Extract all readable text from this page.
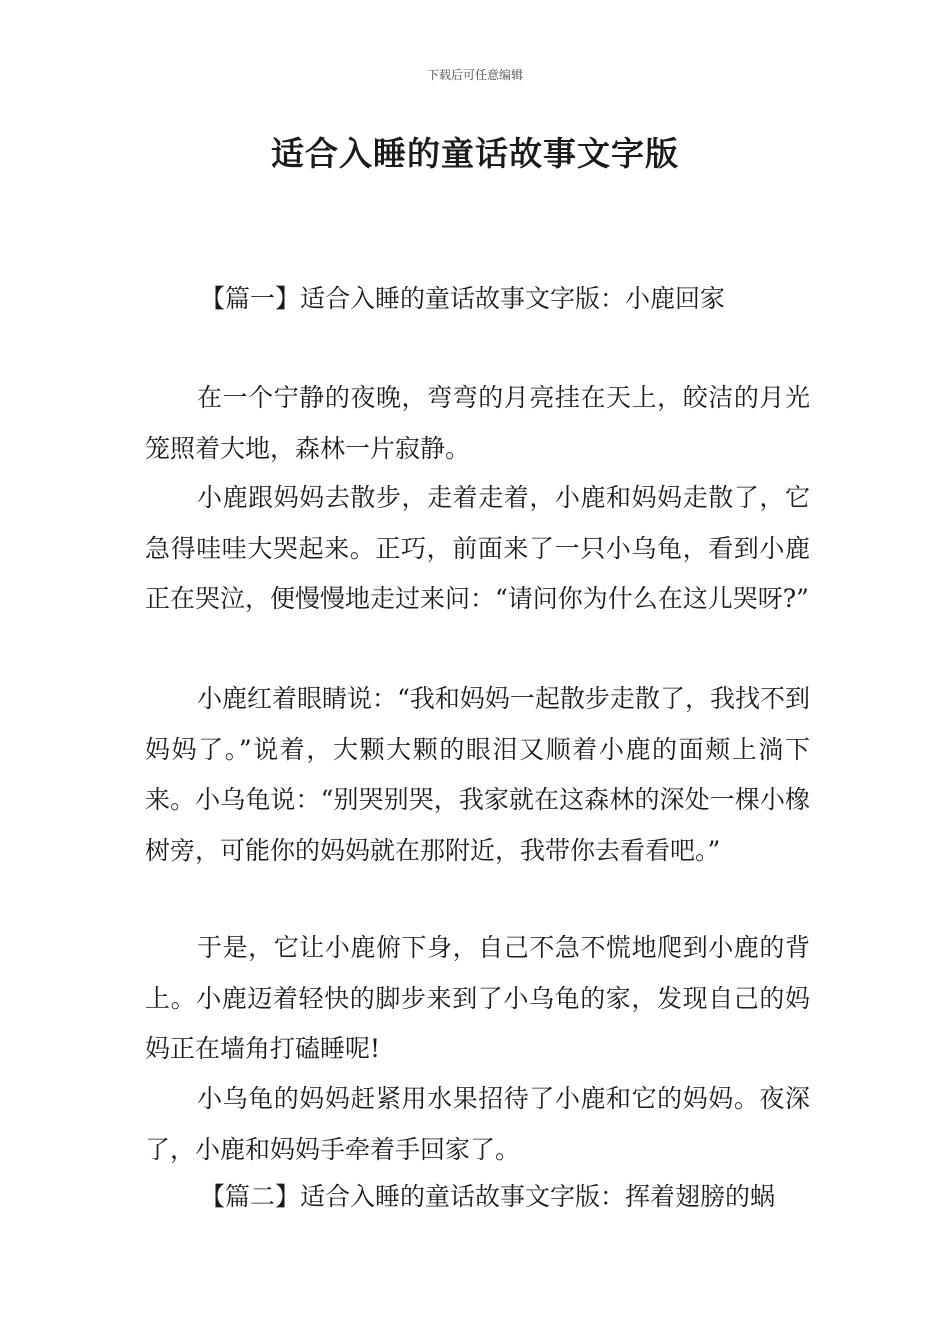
下载后可任意编辑
适合入睡的童话故事文字版
【篇一】适合入睡的童话故事文字版：小鹿回家

在一个宁静的夜晚，弯弯的月亮挂在天上，皎洁的月光笼照着大地，森林一片寂静。

小鹿跟妈妈去散步，走着走着，小鹿和妈妈走散了，它急得哇哇大哭起来。正巧，前面来了一只小乌龟，看到小鹿正在哭泣，便慢慢地走过来问：“请问你为什么在这儿哭呀?”

小鹿红着眼睛说：“我和妈妈一起散步走散了，我找不到妈妈了。”说着，大颗大颗的眼泪又顺着小鹿的面颊上淌下来。小乌龟说：“别哭别哭，我家就在这森林的深处一棵小橡树旁，可能你的妈妈就在那附近，我带你去看看吧。”

于是，它让小鹿俯下身，自己不急不慌地爬到小鹿的背上。小鹿迈着轻快的脚步来到了小乌龟的家，发现自己的妈妈正在墙角打磕睡呢!

小乌龟的妈妈赶紧用水果招待了小鹿和它的妈妈。夜深了，小鹿和妈妈手牵着手回家了。

【篇二】适合入睡的童话故事文字版：挥着翅膀的蜗
